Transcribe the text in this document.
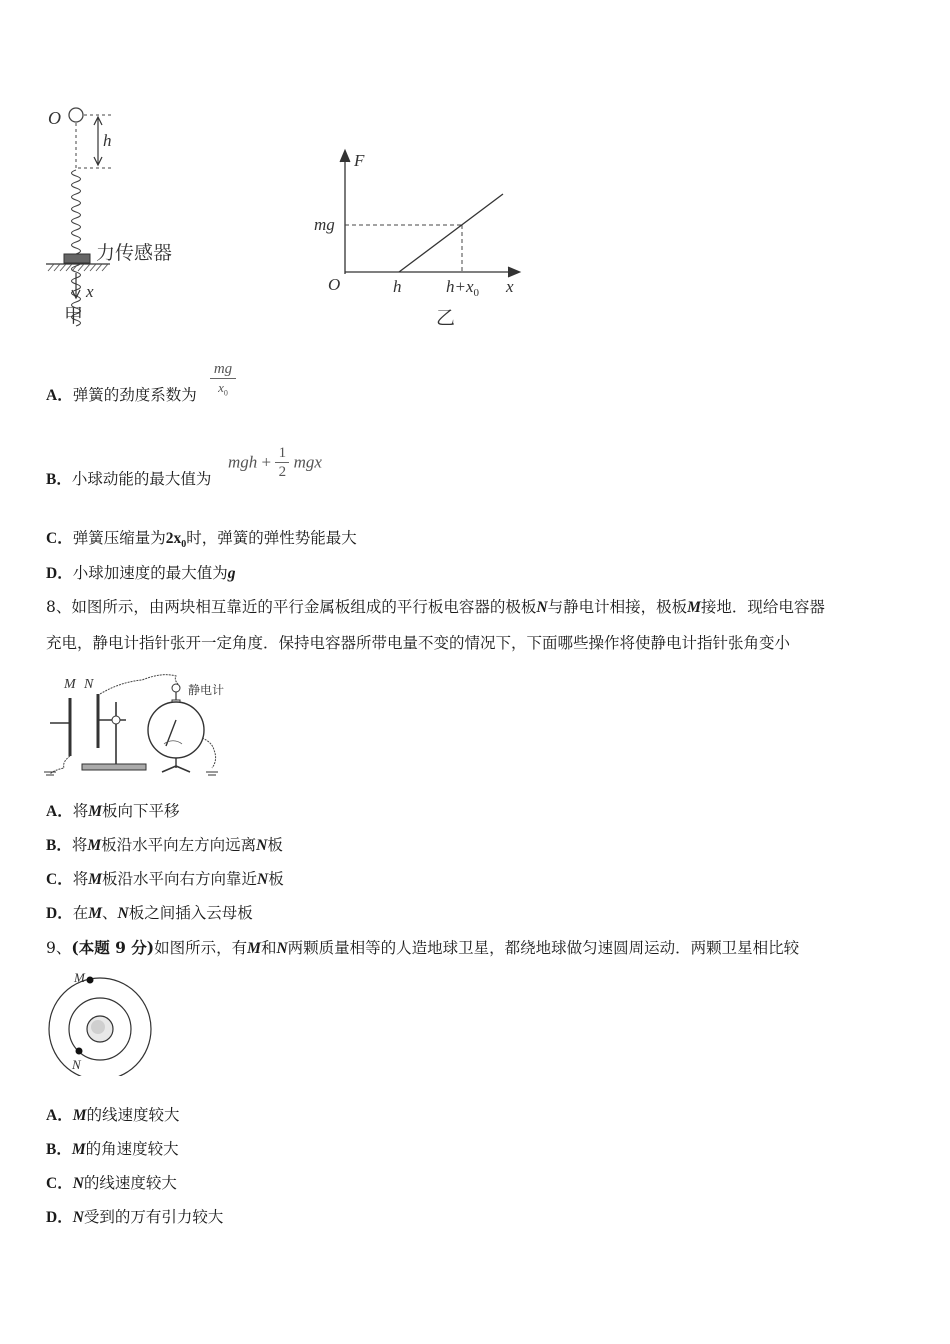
O
h
力传感器
x
甲
F
mg
O	h	$h+x_0$ x
乙
A．弹簧的劲度系数为 $\frac{mg}{x_0}$
B．小球动能的最大值为
mgh + $\frac{1}{2}$ mgx
C．弹簧压缩量为$2x_0$时，弹簧的弹性势能最大
D．小球加速度的最大值为g
8、如图所示，由两块相互靠近的平行金属板组成的平行板电容器的极板N与静电计相接，极板M接地．现给电容器
充电，静电计指针张开一定角度．保持电容器所带电量不变的情况下，下面哪些操作将使静电计指针张角变小
M N	静电计
A．将M板向下平移
B．将M板沿水平向左方向远离N板
C．将M板沿水平向右方向靠近N板
D．在M、N板之间插入云母板
9、(本题 9 分)如图所示，有M和N两颗质量相等的人造地球卫星，都绕地球做匀速圆周运动．两颗卫星相比较
M
N
A．M的线速度较大
B．M的角速度较大
C．N的线速度较大
D．N受到的万有引力较大
